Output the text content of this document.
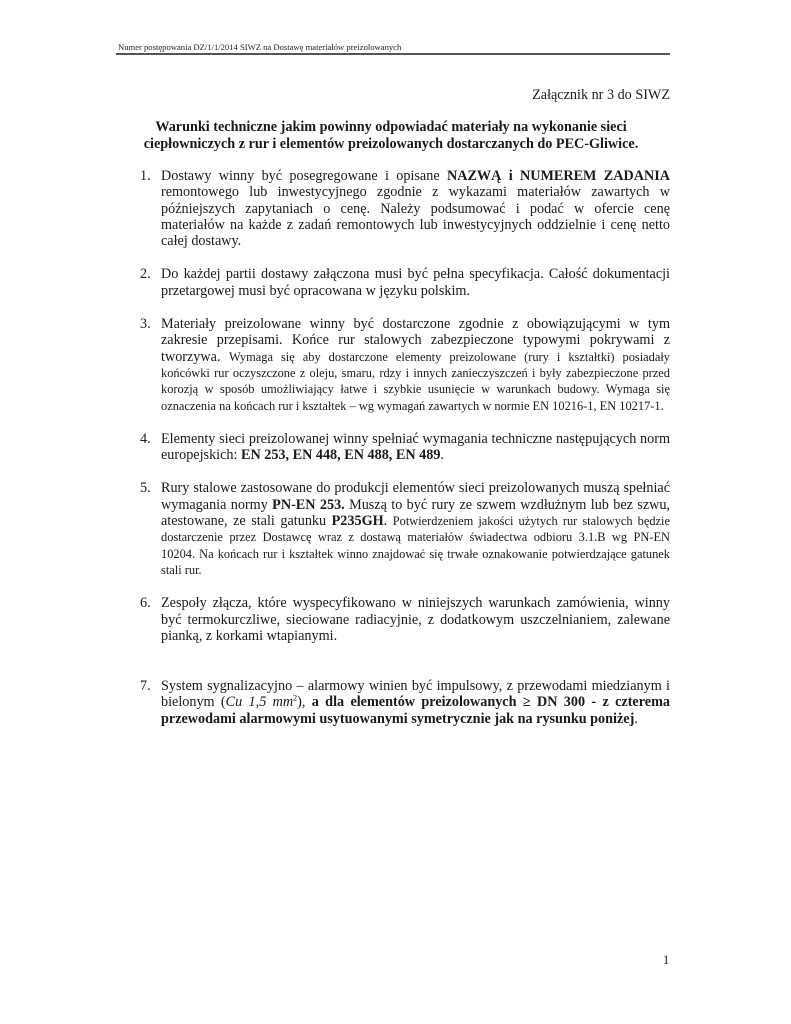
Numer postępowania DZ/1/1/2014 SIWZ na Dostawę materiałów preizolowanych
Załącznik nr 3 do SIWZ
Warunki techniczne jakim powinny odpowiadać materiały na wykonanie sieci ciepłowniczych z rur i elementów preizolowanych dostarczanych do PEC-Gliwice.
1. Dostawy winny być posegregowane i opisane NAZWĄ i NUMEREM ZADANIA remontowego lub inwestycyjnego zgodnie z wykazami materiałów zawartych w późniejszych zapytaniach o cenę. Należy podsumować i podać w ofercie cenę materiałów na każde z zadań remontowych lub inwestycyjnych oddzielnie i cenę netto całej dostawy.
2. Do każdej partii dostawy załączona musi być pełna specyfikacja. Całość dokumentacji przetargowej musi być opracowana w języku polskim.
3. Materiały preizolowane winny być dostarczone zgodnie z obowiązującymi w tym zakresie przepisami. Końce rur stalowych zabezpieczone typowymi pokrywami z tworzywa. Wymaga się aby dostarczone elementy preizolowane (rury i kształtki) posiadały końcówki rur oczyszczone z oleju, smaru, rdzy i innych zanieczyszczeń i były zabezpieczone przed korozją w sposób umożliwiający łatwe i szybkie usunięcie w warunkach budowy. Wymaga się oznaczenia na końcach rur i kształtek – wg wymagań zawartych w normie EN 10216-1, EN 10217-1.
4. Elementy sieci preizolowanej winny spełniać wymagania techniczne następujących norm europejskich: EN 253, EN 448, EN 488, EN 489.
5. Rury stalowe zastosowane do produkcji elementów sieci preizolowanych muszą spełniać wymagania normy PN-EN 253. Muszą to być rury ze szwem wzdłużnym lub bez szwu, atestowane, ze stali gatunku P235GH. Potwierdzeniem jakości użytych rur stalowych będzie dostarczenie przez Dostawcę wraz z dostawą materiałów świadectwa odbioru 3.1.B wg PN-EN 10204. Na końcach rur i kształtek winno znajdować się trwałe oznakowanie potwierdzające gatunek stali rur.
6. Zespoły złącza, które wyspecyfikowano w niniejszych warunkach zamówienia, winny być termokurczliwe, sieciowane radiacyjnie, z dodatkowym uszczelnianiem, zalewane pianką, z korkami wtapianymi.
7. System sygnalizacyjno – alarmowy winien być impulsowy, z przewodami miedzianym i bielonym (Cu 1,5 $mm^2$), a dla elementów preizolowanych ≥ DN 300 - z czterema przewodami alarmowymi usytuowanymi symetrycznie jak na rysunku poniżej.
1
